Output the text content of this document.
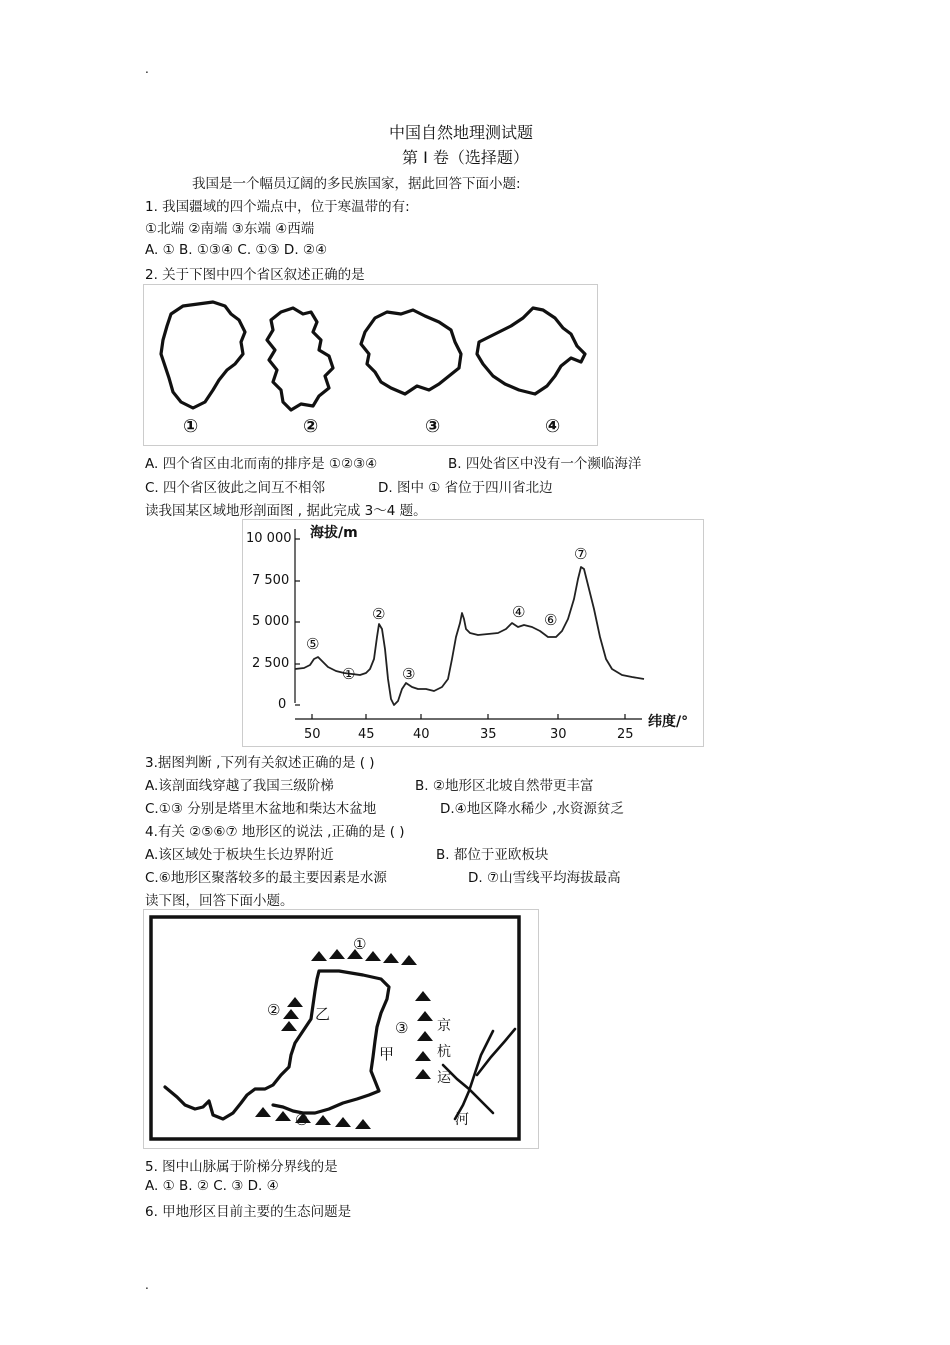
.
.
中国自然地理测试题
第 I 卷（选择题）
我国是一个幅员辽阔的多民族国家，据此回答下面小题:
1. 我国疆域的四个端点中，位于寒温带的有:
①北端 ②南端 ③东端 ④西端
A. ① B. ①③④ C. ①③ D. ②④
2. 关于下图中四个省区叙述正确的是
①	②	③	④
A. 四个省区由北而南的排序是 ①②③④	B. 四处省区中没有一个濒临海洋
C. 四个省区彼此之间互不相邻	D. 图中 ① 省位于四川省北边
读我国某区域地形剖面图 , 据此完成 3～4 题。
海拔/m
纬度/°
10 000
7 500
5 000
2 500
0
50	45	40	35	30	25
⑤
①
②
③
④ ⑥
⑦
3.据图判断 ,下列有关叙述正确的是 ( )
A.该剖面线穿越了我国三级阶梯	B. ②地形区北坡自然带更丰富
C.①③ 分别是塔里木盆地和柴达木盆地	D.④地区降水稀少 ,水资源贫乏
4.有关 ②⑤⑥⑦ 地形区的说法 ,正确的是 ( )
A.该区域处于板块生长边界附近	B. 都位于亚欧板块
C.⑥地形区聚落较多的最主要因素是水源	D. ⑦山雪线平均海拔最高
读下图，回答下面小题。
①
②
③
④
乙
甲
京
杭
运
河
5. 图中山脉属于阶梯分界线的是
A. ① B. ② C. ③ D. ④
6. 甲地形区目前主要的生态问题是
